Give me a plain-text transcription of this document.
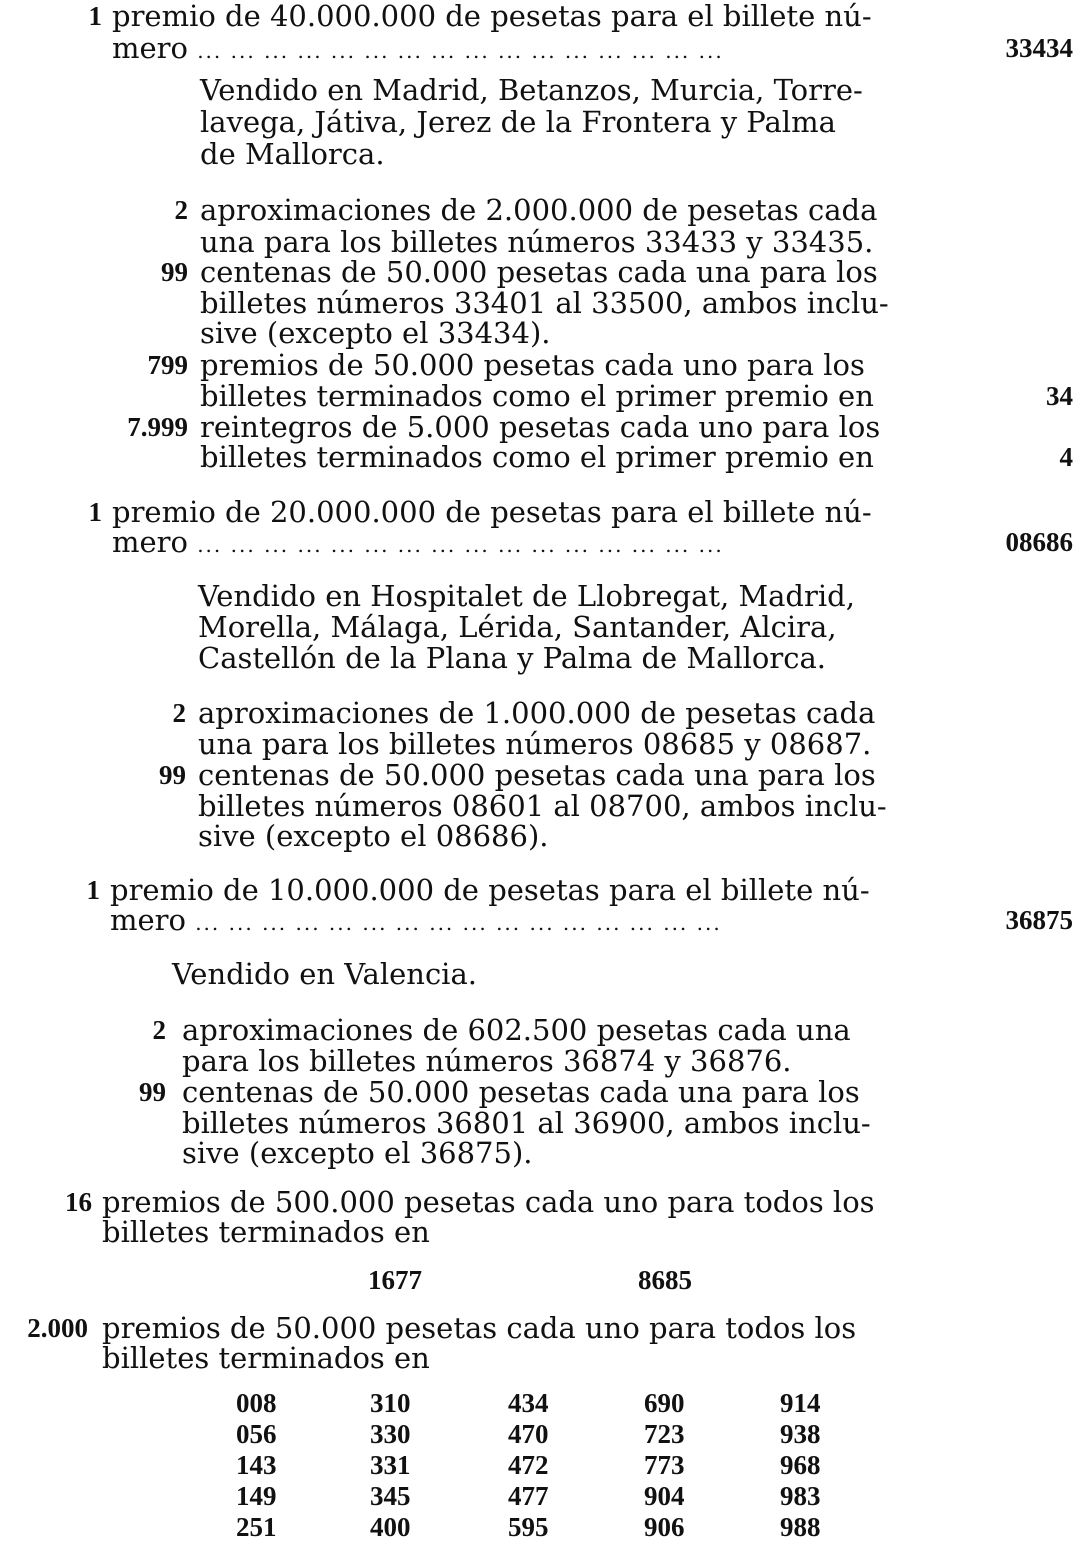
1 premio de 40.000.000 de pesetas para el billete nú-
mero ... ... ... ... ... ... ... ... ... ... ... ... ... ... ... ...	33434
Vendido en Madrid, Betanzos, Murcia, Torre-
lavega, Játiva, Jerez de la Frontera y Palma
de Mallorca.
2 aproximaciones de 2.000.000 de pesetas cada
una para los billetes números 33433 y 33435.
99 centenas de 50.000 pesetas cada una para los
billetes números 33401 al 33500, ambos inclu-
sive (excepto el 33434).
799 premios de 50.000 pesetas cada uno para los
billetes terminados como el primer premio en	34
7.999 reintegros de 5.000 pesetas cada uno para los
billetes terminados como el primer premio en	4
1 premio de 20.000.000 de pesetas para el billete nú-
mero ... ... ... ... ... ... ... ... ... ... ... ... ... ... ... ...	08686
Vendido en Hospitalet de Llobregat, Madrid,
Morella, Málaga, Lérida, Santander, Alcira,
Castellón de la Plana y Palma de Mallorca.
2 aproximaciones de 1.000.000 de pesetas cada
una para los billetes números 08685 y 08687.
99 centenas de 50.000 pesetas cada una para los
billetes números 08601 al 08700, ambos inclu-
sive (excepto el 08686).
1 premio de 10.000.000 de pesetas para el billete nú-
mero ... ... ... ... ... ... ... ... ... ... ... ... ... ... ... ...	36875
Vendido en Valencia.
2 aproximaciones de 602.500 pesetas cada una
para los billetes números 36874 y 36876.
99 centenas de 50.000 pesetas cada una para los
billetes números 36801 al 36900, ambos inclu-
sive (excepto el 36875).
16 premios de 500.000 pesetas cada uno para todos los
billetes terminados en
1677	8685
2.000 premios de 50.000 pesetas cada uno para todos los
billetes terminados en
008	310	434	690	914
056	330	470	723	938
143	331	472	773	968
149	345	477	904	983
251	400	595	906	988
